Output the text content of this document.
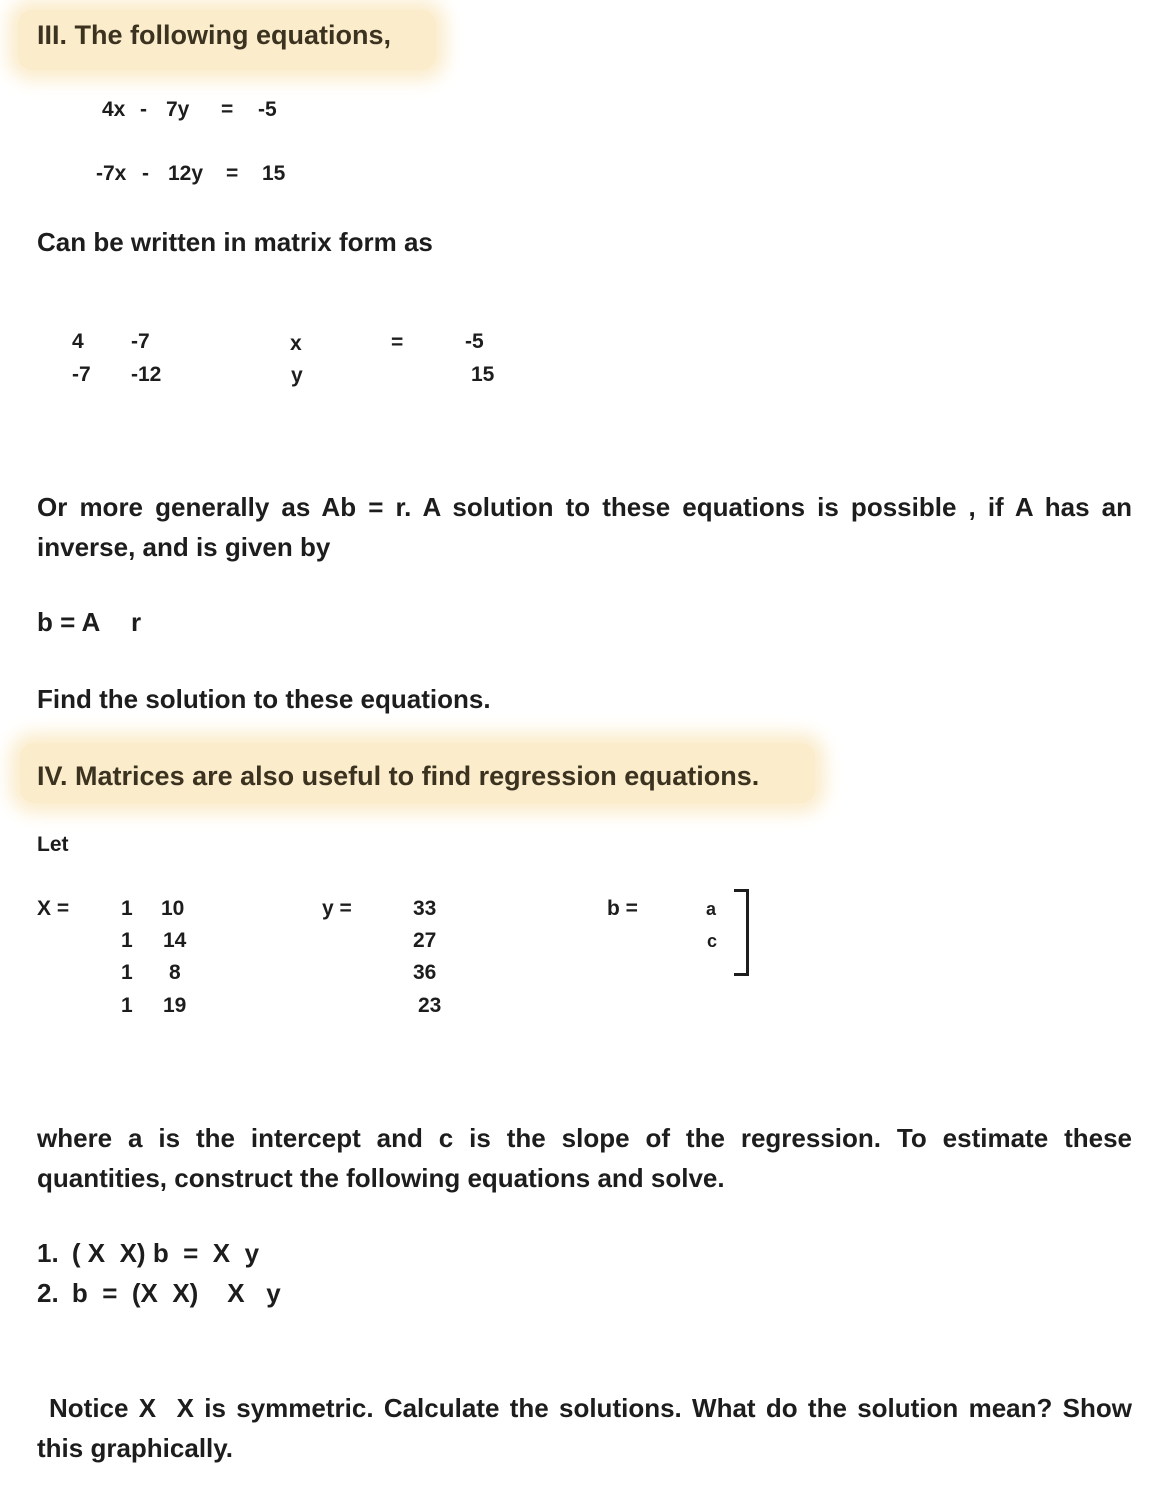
III. The following equations,
4x - 7y = -5
-7x - 12y = 15
Can be written in matrix form as
4 -7
-7 -12
x
y
=	-5
15
Or more generally as Ab = r. A solution to these equations is possible , if A has an inverse, and is given by
b = A r
Find the solution to these equations.
IV. Matrices are also useful to find regression equations.
Let
X = 1 10
1 14
1 8
1 19
y =	33
27
36
23
b =	a
c
where a is the intercept and c is the slope of the regression. To estimate these quantities, construct the following equations and solve.
1. ( X  X) b  =  X  y
2. b  =  (X  X)    X   y
Notice X  X is symmetric. Calculate the solutions. What do the solution mean? Show this graphically.
